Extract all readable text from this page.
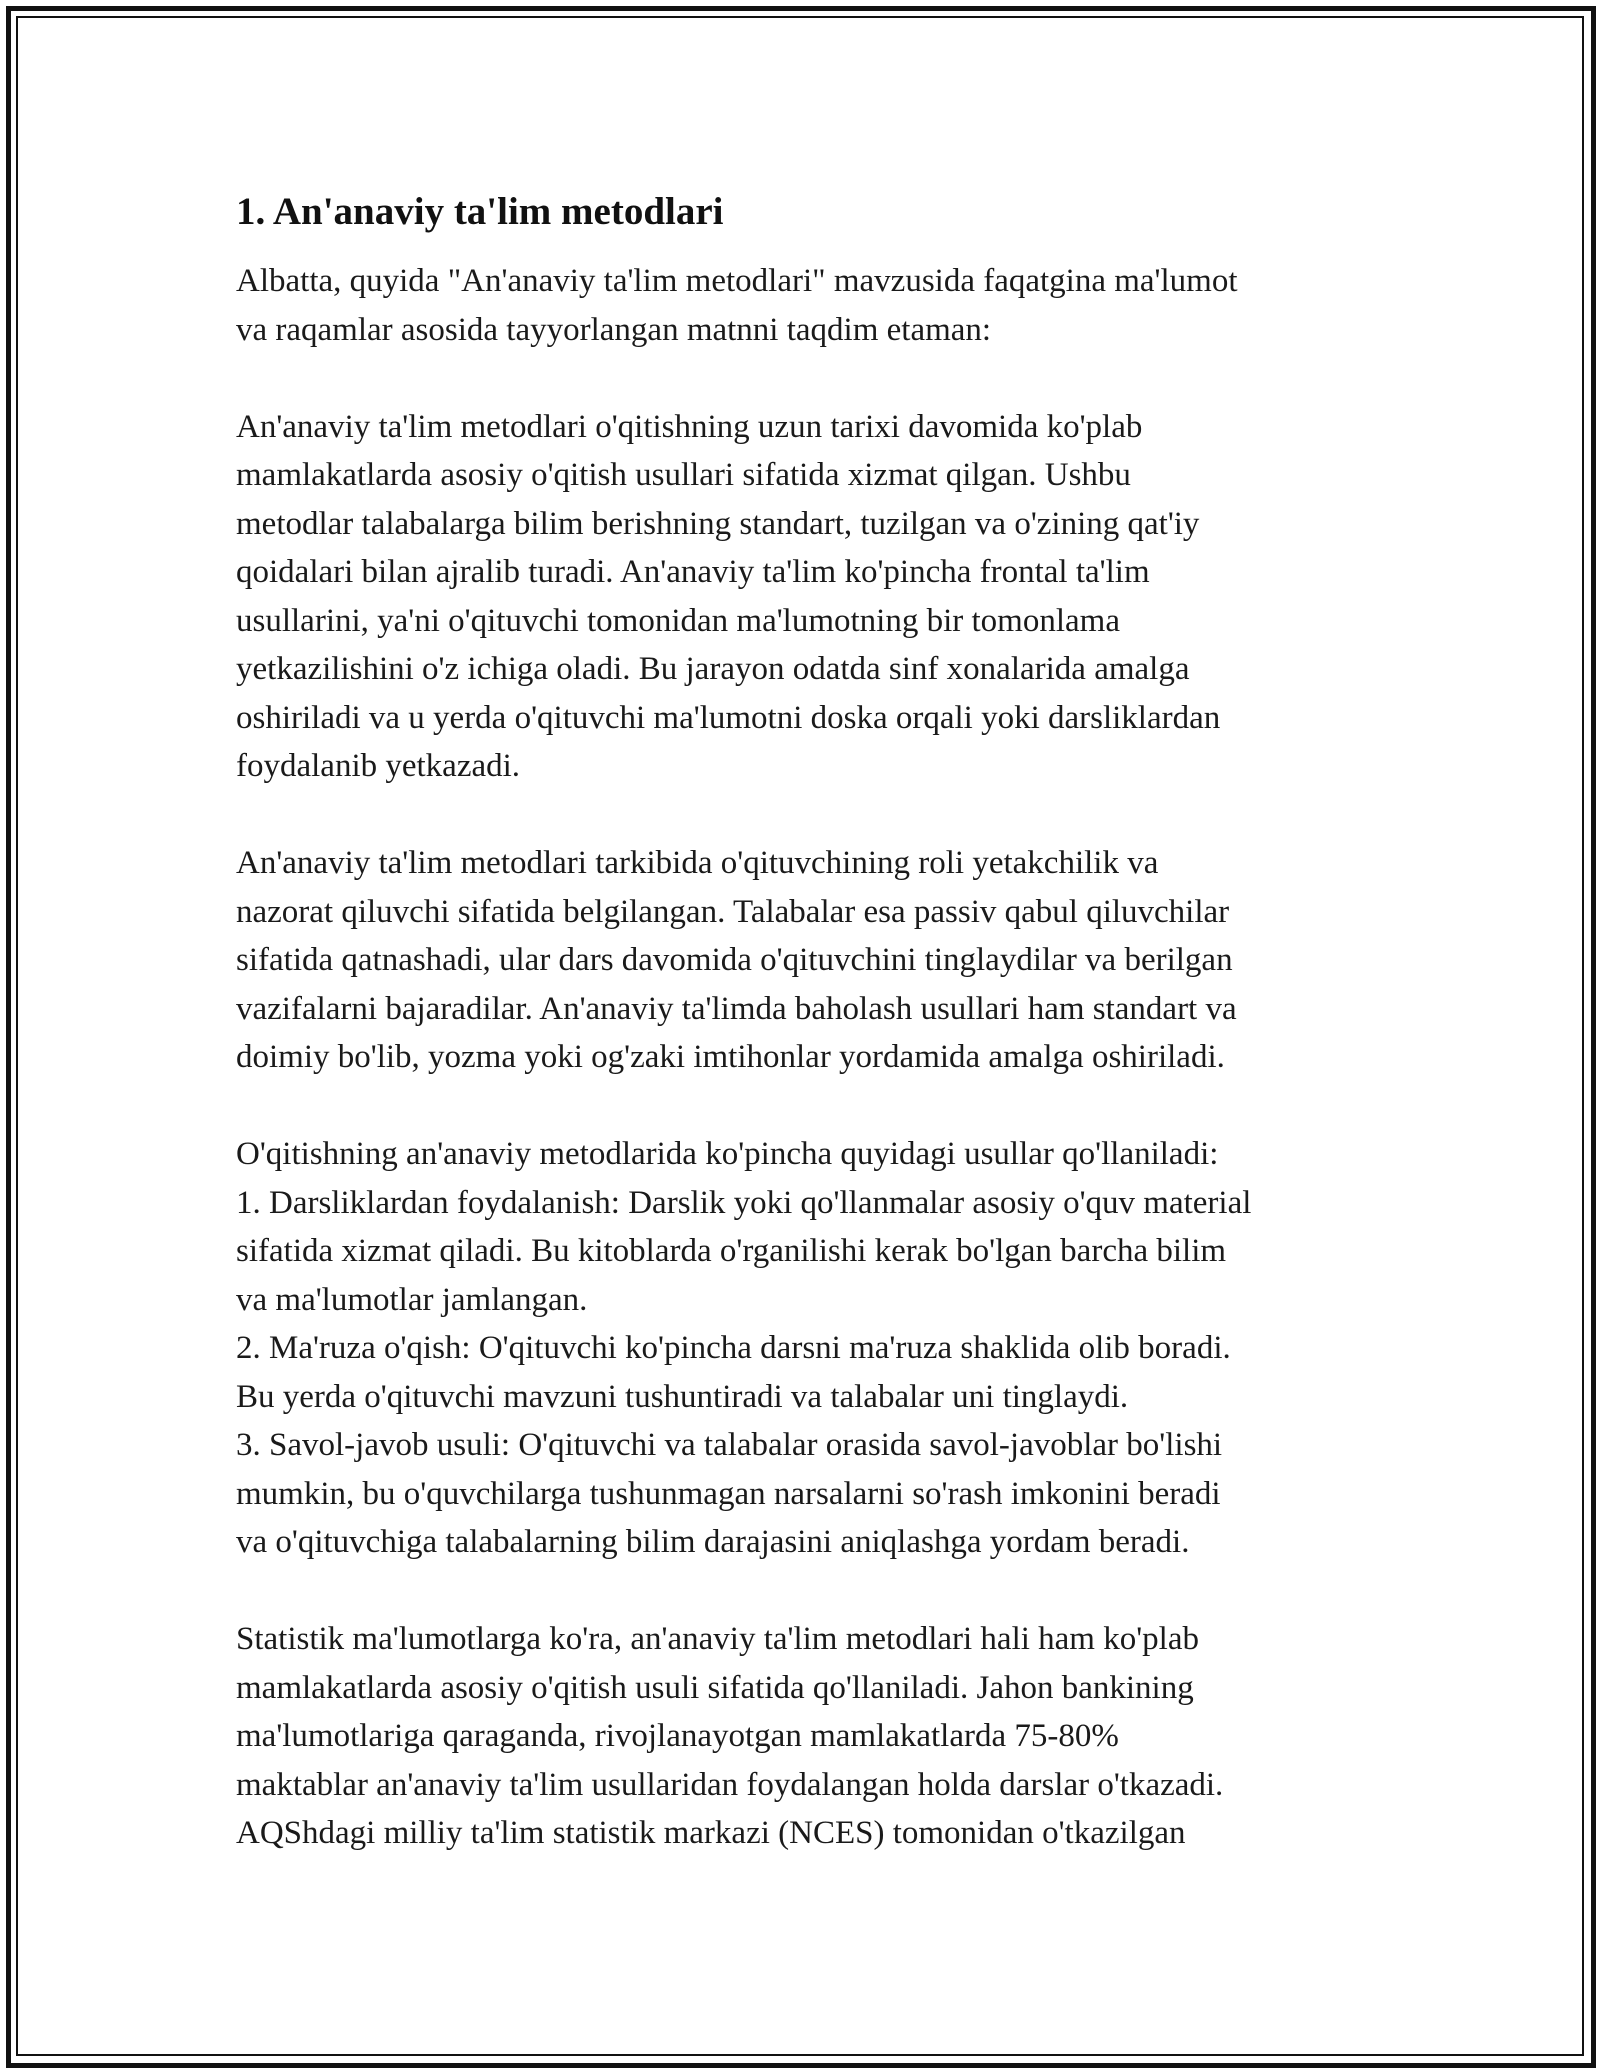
1. An'anaviy ta'lim metodlari

Albatta, quyida "An'anaviy ta'lim metodlari" mavzusida faqatgina ma'lumot
va raqamlar asosida tayyorlangan matnni taqdim etaman:

An'anaviy ta'lim metodlari o'qitishning uzun tarixi davomida ko'plab
mamlakatlarda asosiy o'qitish usullari sifatida xizmat qilgan. Ushbu
metodlar talabalarga bilim berishning standart, tuzilgan va o'zining qat'iy
qoidalari bilan ajralib turadi. An'anaviy ta'lim ko'pincha frontal ta'lim
usullarini, ya'ni o'qituvchi tomonidan ma'lumotning bir tomonlama
yetkazilishini o'z ichiga oladi. Bu jarayon odatda sinf xonalarida amalga
oshiriladi va u yerda o'qituvchi ma'lumotni doska orqali yoki darsliklardan
foydalanib yetkazadi.

An'anaviy ta'lim metodlari tarkibida o'qituvchining roli yetakchilik va
nazorat qiluvchi sifatida belgilangan. Talabalar esa passiv qabul qiluvchilar
sifatida qatnashadi, ular dars davomida o'qituvchini tinglaydilar va berilgan
vazifalarni bajaradilar. An'anaviy ta'limda baholash usullari ham standart va
doimiy bo'lib, yozma yoki og'zaki imtihonlar yordamida amalga oshiriladi.

O'qitishning an'anaviy metodlarida ko'pincha quyidagi usullar qo'llaniladi:
1. Darsliklardan foydalanish: Darslik yoki qo'llanmalar asosiy o'quv material
sifatida xizmat qiladi. Bu kitoblarda o'rganilishi kerak bo'lgan barcha bilim
va ma'lumotlar jamlangan.
2. Ma'ruza o'qish: O'qituvchi ko'pincha darsni ma'ruza shaklida olib boradi.
Bu yerda o'qituvchi mavzuni tushuntiradi va talabalar uni tinglaydi.
3. Savol-javob usuli: O'qituvchi va talabalar orasida savol-javoblar bo'lishi
mumkin, bu o'quvchilarga tushunmagan narsalarni so'rash imkonini beradi
va o'qituvchiga talabalarning bilim darajasini aniqlashga yordam beradi.

Statistik ma'lumotlarga ko'ra, an'anaviy ta'lim metodlari hali ham ko'plab
mamlakatlarda asosiy o'qitish usuli sifatida qo'llaniladi. Jahon bankining
ma'lumotlariga qaraganda, rivojlanayotgan mamlakatlarda 75-80%
maktablar an'anaviy ta'lim usullaridan foydalangan holda darslar o'tkazadi.
AQShdagi milliy ta'lim statistik markazi (NCES) tomonidan o'tkazilgan
